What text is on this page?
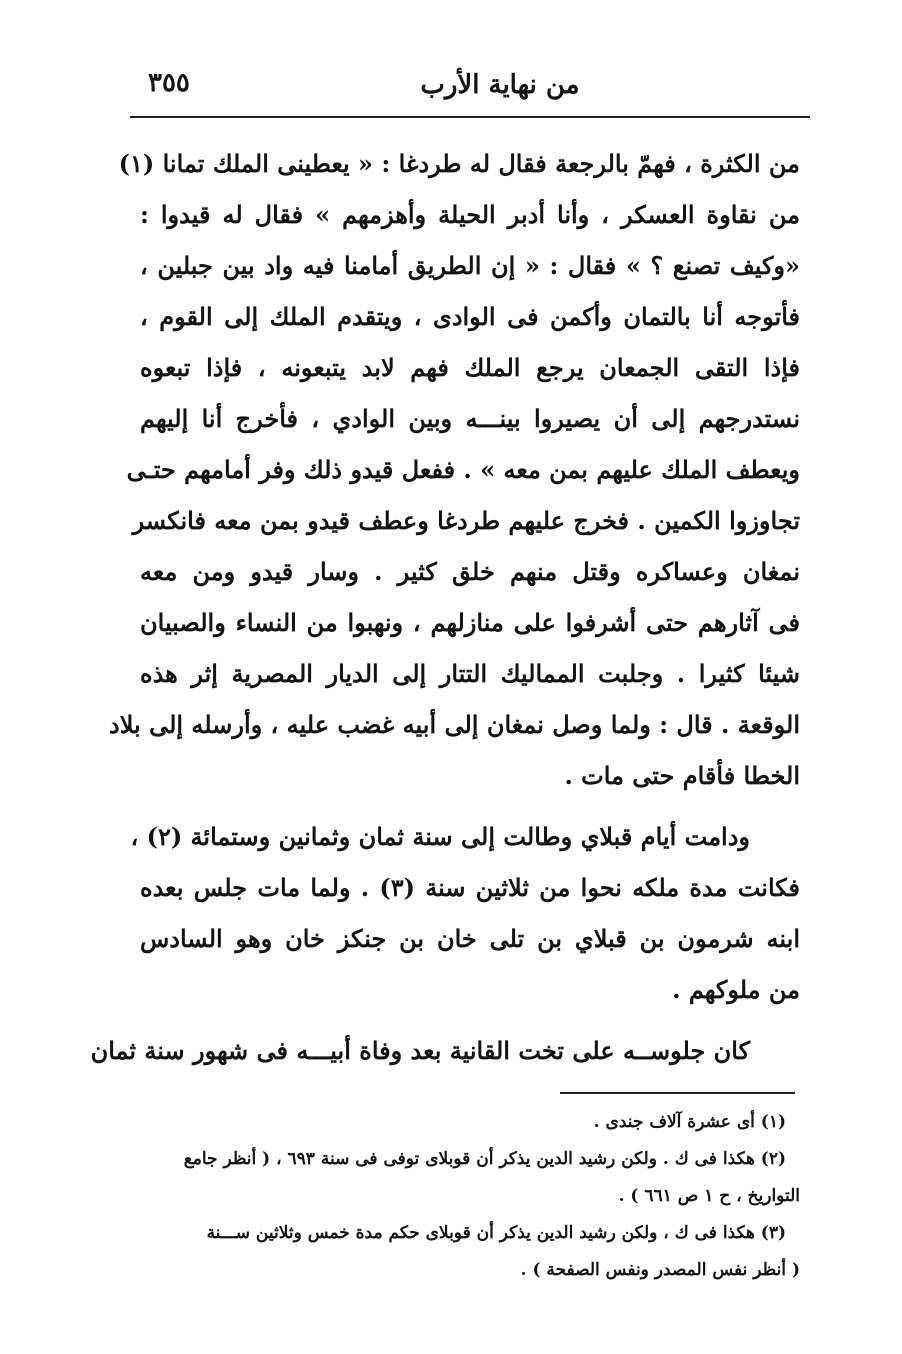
٣٥٥	من نهاية الأرب
من الكثرة ، فهمّ بالرجعة فقال له طردغا : « يعطينى الملك تمانا (١)
من نقاوة العسكر ، وأنا أدبر الحيلة وأهزمهم » فقال له قيدوا :
«وكيف تصنع ؟ » فقال : « إن الطريق أمامنا فيه واد بين جبلين ،
فأتوجه أنا بالتمان وأكمن فى الوادى ، ويتقدم الملك إلى القوم ،
فإذا التقى الجمعان يرجع الملك فهم لابد يتبعونه ، فإذا تبعوه
نستدرجهم إلى أن يصيروا بينـــه وبين الوادي ، فأخرج أنا إليهم
ويعطف الملك عليهم بمن معه » . ففعل قيدو ذلك وفر أمامهم حتـى
تجاوزوا الكمين . فخرج عليهم طردغا وعطف قيدو بمن معه فانكسر
نمغان وعساكره وقتل منهم خلق كثير . وسار قيدو ومن معه
فى آثارهم حتى أشرفوا على منازلهم ، ونهبوا من النساء والصبيان
شيئا كثيرا . وجلبت المماليك التتار إلى الديار المصرية إثر هذه
الوقعة . قال : ولما وصل نمغان إلى أبيه غضب عليه ، وأرسله إلى بلاد
الخطا فأقام حتى مات .
ودامت أيام قبلاي وطالت إلى سنة ثمان وثمانين وستمائة (٢) ،
فكانت مدة ملكه نحوا من ثلاثين سنة (٣) . ولما مات جلس بعده
ابنه شرمون بن قبلاي بن تلى خان بن جنكز خان وهو السادس
من ملوكهم .
كان جلوســه على تخت القانية بعد وفاة أبيـــه فى شهور سنة ثمان
(١) أى عشرة آلاف جندى .
(٢) هكذا فى ك . ولكن رشيد الدين يذكر أن قوبلاى توفى فى سنة ٦٩٣ ، ( أنظر جامع
التواريخ ، ح ١ ص ٦٦١ ) .
(٣) هكذا فى ك ، ولكن رشيد الدين يذكر أن قوبلاى حكم مدة خمس وثلاثين ســـنة
( أنظر نفس المصدر ونفس الصفحة ) .
